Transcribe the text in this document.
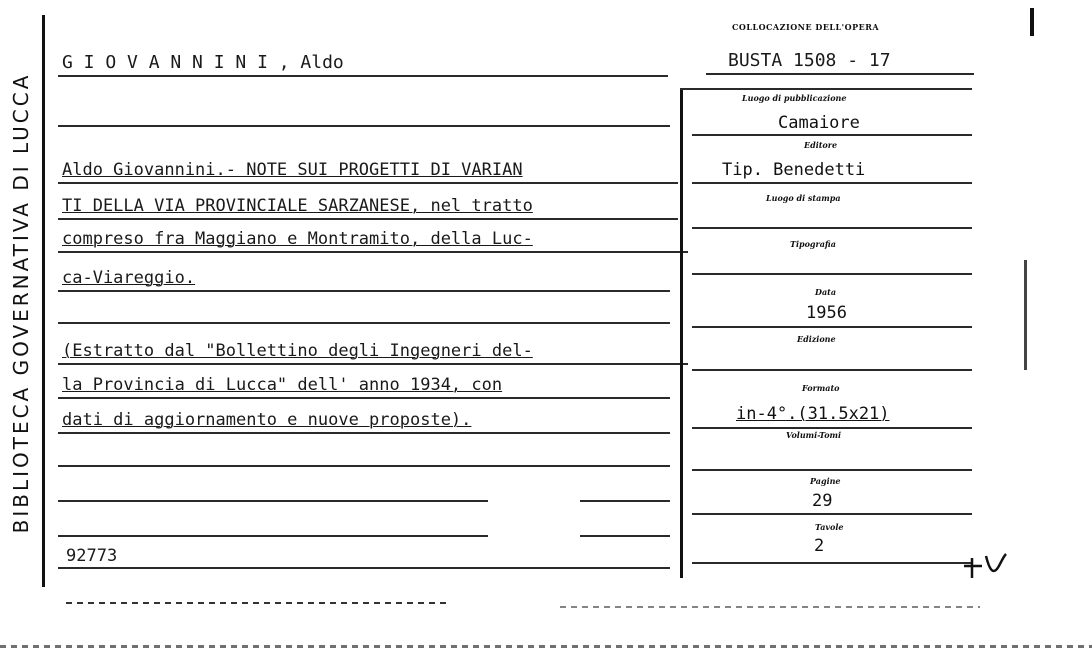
BIBLIOTECA GOVERNATIVA DI LUCCA
COLLOCAZIONE DELL'OPERA
G I O V A N N I N I , Aldo	BUSTA 1508 - 17
Aldo Giovannini.- NOTE SUI PROGETTI DI VARIAN
TI DELLA VIA PROVINCIALE SARZANESE, nel tratto
compreso fra Maggiano e Montramito, della Luc-
ca-Viareggio.
(Estratto dal "Bollettino degli Ingegneri del-
la Provincia di Lucca" dell' anno 1934, con
dati di aggiornamento e nuove proposte).
92773
Luogo di pubblicazione
Camaiore
Editore
Tip. Benedetti
Luogo di stampa
Tipografia
Data
1956
Edizione
Formato
in-4°.(31.5x21)
Volumi-Tomi
Pagine
29
Tavole
2
